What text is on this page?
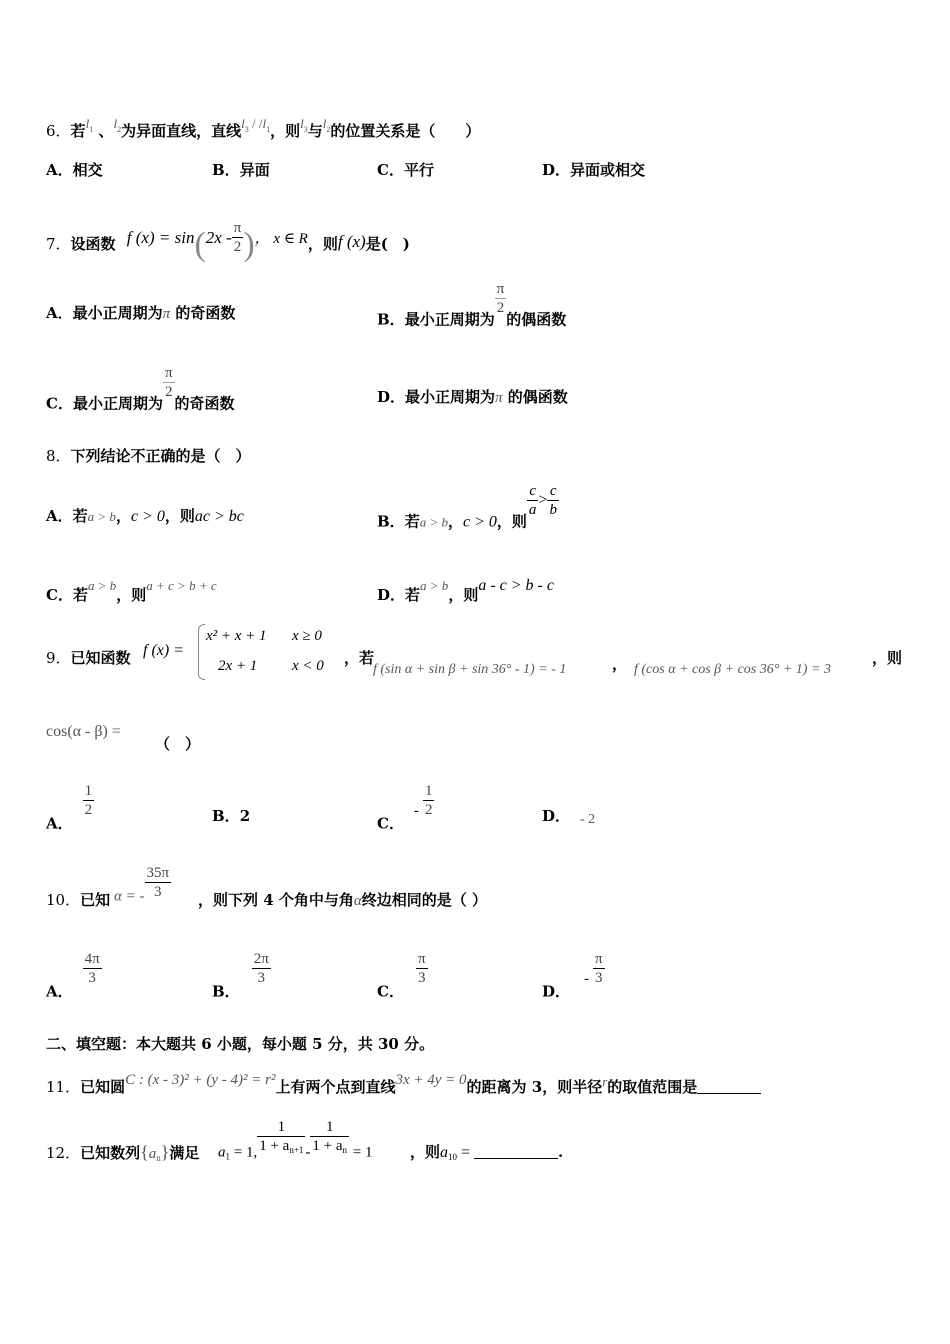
6．若$l^1$ 、$l^2$为异面直线，直线$l^3 / /l^1$，则$l^3$与$l^2$的位置关系是（　　）
A．相交	B．异面	C．平行	D．异面或相交
7．设函数 f $(x) = \sin(2x - \frac{\pi}{2}$ )， x ∈ R，则f (x)是(　)
A．最小正周期为π 的奇函数	B．最小正周期为
$\frac{\pi}{2}$
的偶函数
C．最小正周期为
$\frac{\pi}{2}$
的奇函数	D．最小正周期为π 的偶函数
8．下列结论不正确的是（　）
A．若a > b，c > 0，则ac > bc	B．若a > b，c > 0，则
$\frac{c}{a} > \frac{c}{b}$
C．若a > b，则a + c > b + c
D．若a > b，则a - c > b - c
9．已知函数 f (x) =
x² + x + 1 x ≥ 0
2x + 1 x < 0 ，若
f (sin α + sin β + sin 36° - 1) = - 1	， f (cos α + cos β + cos 36° + 1) = 3
，则
cos(α - β) =
（　）
A．
$\frac{1}{2}$	B．2	C．- $\frac{1}{2}$	D． - 2
10．已知 α = - $\frac{35\pi}{3}$ ，则下列 4 个角中与角α终边相同的是（ ）
A．
$\frac{4\pi}{3}$
B．
$\frac{2\pi}{3}$
C．
$\frac{\pi}{3}$
D．- $\frac{\pi}{3}$
二、填空题：本大题共 6 小题，每小题 5 分，共 30 分。
11．已知圆C : (x - 3)² + (y - 4)² = r²上有两个点到直线3x + 4y = 0的距离为 3，则半径r的取值范围是
12．已知数列$\{a_n\}$满足 $a_1 = 1$, $\frac{1}{1 + a_{n+1}} - \frac{1}{1 + a_n} = 1$ ，则$a_{10}$ =	.
